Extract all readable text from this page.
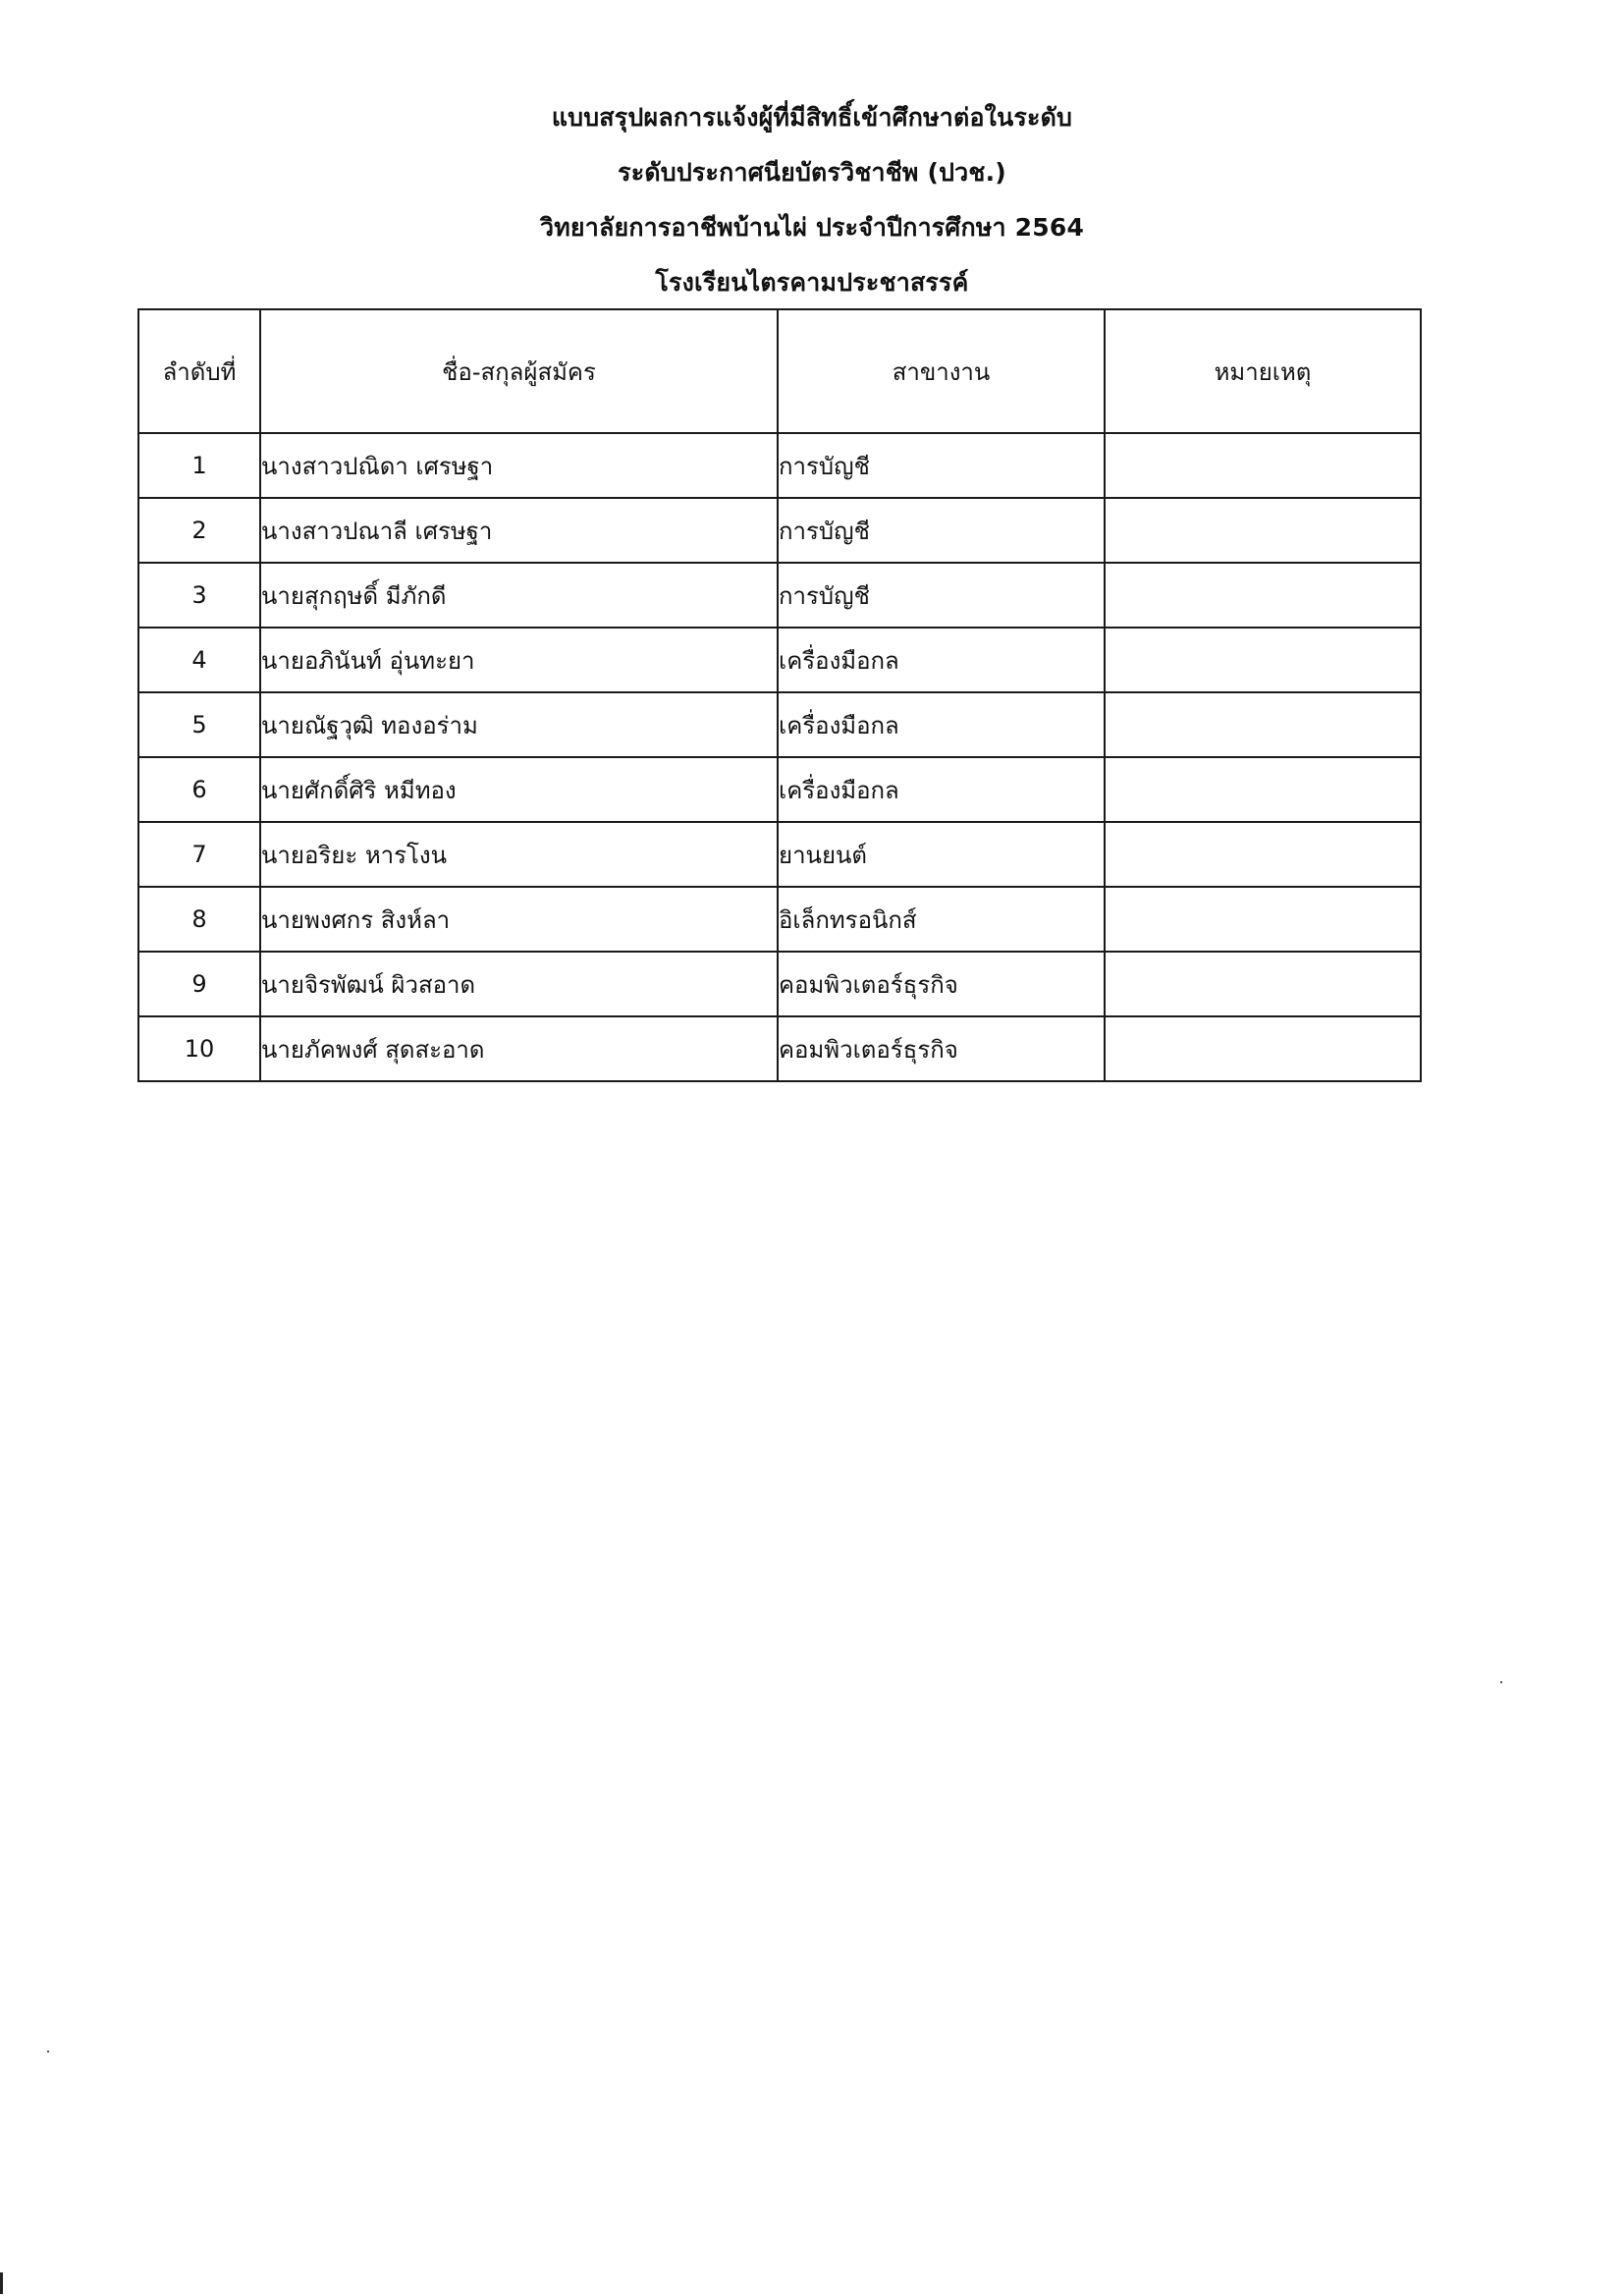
แบบสรุปผลการแจ้งผู้ที่มีสิทธิ์เข้าศึกษาต่อในระดับ
ระดับประกาศนียบัตรวิชาชีพ (ปวช.)
วิทยาลัยการอาชีพบ้านไผ่ ประจำปีการศึกษา 2564
โรงเรียนไตรคามประชาสรรค์
ลำดับที่	ชื่อ-สกุลผู้สมัคร	สาขางาน	หมายเหตุ
1	นางสาวปณิดา เศรษฐา	การบัญชี	
2	นางสาวปณาลี เศรษฐา	การบัญชี	
3	นายสุกฤษดิ์ มีภักดี	การบัญชี	
4	นายอภินันท์ อุ่นทะยา	เครื่องมือกล	
5	นายณัฐวุฒิ ทองอร่าม	เครื่องมือกล	
6	นายศักดิ์ศิริ หมีทอง	เครื่องมือกล	
7	นายอริยะ หารโงน	ยานยนต์	
8	นายพงศกร สิงห์ลา	อิเล็กทรอนิกส์	
9	นายจิรพัฒน์ ผิวสอาด	คอมพิวเตอร์ธุรกิจ	
10	นายภัคพงศ์ สุดสะอาด	คอมพิวเตอร์ธุรกิจ	
